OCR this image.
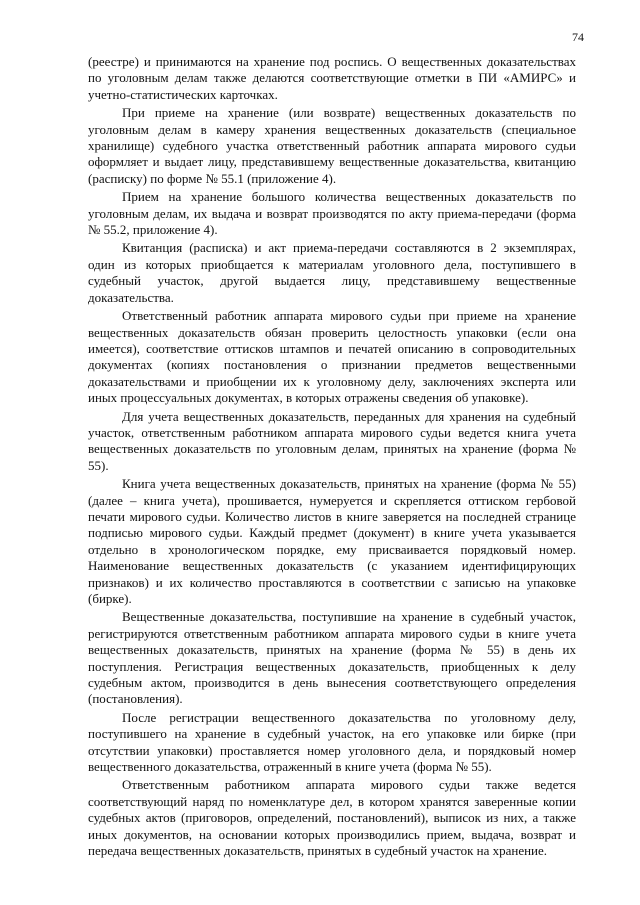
74

(реестре) и принимаются на хранение под роспись. О вещественных доказательствах по уголовным делам также делаются соответствующие отметки в ПИ «АМИРС» и учетно-статистических карточках.

При приеме на хранение (или возврате) вещественных доказательств по уголовным делам в камеру хранения вещественных доказательств (специальное хранилище) судебного участка ответственный работник аппарата мирового судьи оформляет и выдает лицу, представившему вещественные доказательства, квитанцию (расписку) по форме № 55.1 (приложение 4).

Прием на хранение большого количества вещественных доказательств по уголовным делам, их выдача и возврат производятся по акту приема-передачи (форма № 55.2, приложение 4).

Квитанция (расписка) и акт приема-передачи составляются в 2 экземплярах, один из которых приобщается к материалам уголовного дела, поступившего в судебный участок, другой выдается лицу, представившему вещественные доказательства.

Ответственный работник аппарата мирового судьи при приеме на хранение вещественных доказательств обязан проверить целостность упаковки (если она имеется), соответствие оттисков штампов и печатей описанию в сопроводительных документах (копиях постановления о признании предметов вещественными доказательствами и приобщении их к уголовному делу, заключениях эксперта или иных процессуальных документах, в которых отражены сведения об упаковке).

Для учета вещественных доказательств, переданных для хранения на судебный участок, ответственным работником аппарата мирового судьи ведется книга учета вещественных доказательств по уголовным делам, принятых на хранение (форма № 55).

Книга учета вещественных доказательств, принятых на хранение (форма № 55) (далее – книга учета), прошивается, нумеруется и скрепляется оттиском гербовой печати мирового судьи. Количество листов в книге заверяется на последней странице подписью мирового судьи. Каждый предмет (документ) в книге учета указывается отдельно в хронологическом порядке, ему присваивается порядковый номер. Наименование вещественных доказательств (с указанием идентифицирующих признаков) и их количество проставляются в соответствии с записью на упаковке (бирке).

Вещественные доказательства, поступившие на хранение в судебный участок, регистрируются ответственным работником аппарата мирового судьи в книге учета вещественных доказательств, принятых на хранение (форма № 55) в день их поступления. Регистрация вещественных доказательств, приобщенных к делу судебным актом, производится в день вынесения соответствующего определения (постановления).

После регистрации вещественного доказательства по уголовному делу, поступившего на хранение в судебный участок, на его упаковке или бирке (при отсутствии упаковки) проставляется номер уголовного дела, и порядковый номер вещественного доказательства, отраженный в книге учета (форма № 55).

Ответственным работником аппарата мирового судьи также ведется соответствующий наряд по номенклатуре дел, в котором хранятся заверенные копии судебных актов (приговоров, определений, постановлений), выписок из них, а также иных документов, на основании которых производились прием, выдача, возврат и передача вещественных доказательств, принятых в судебный участок на хранение.
